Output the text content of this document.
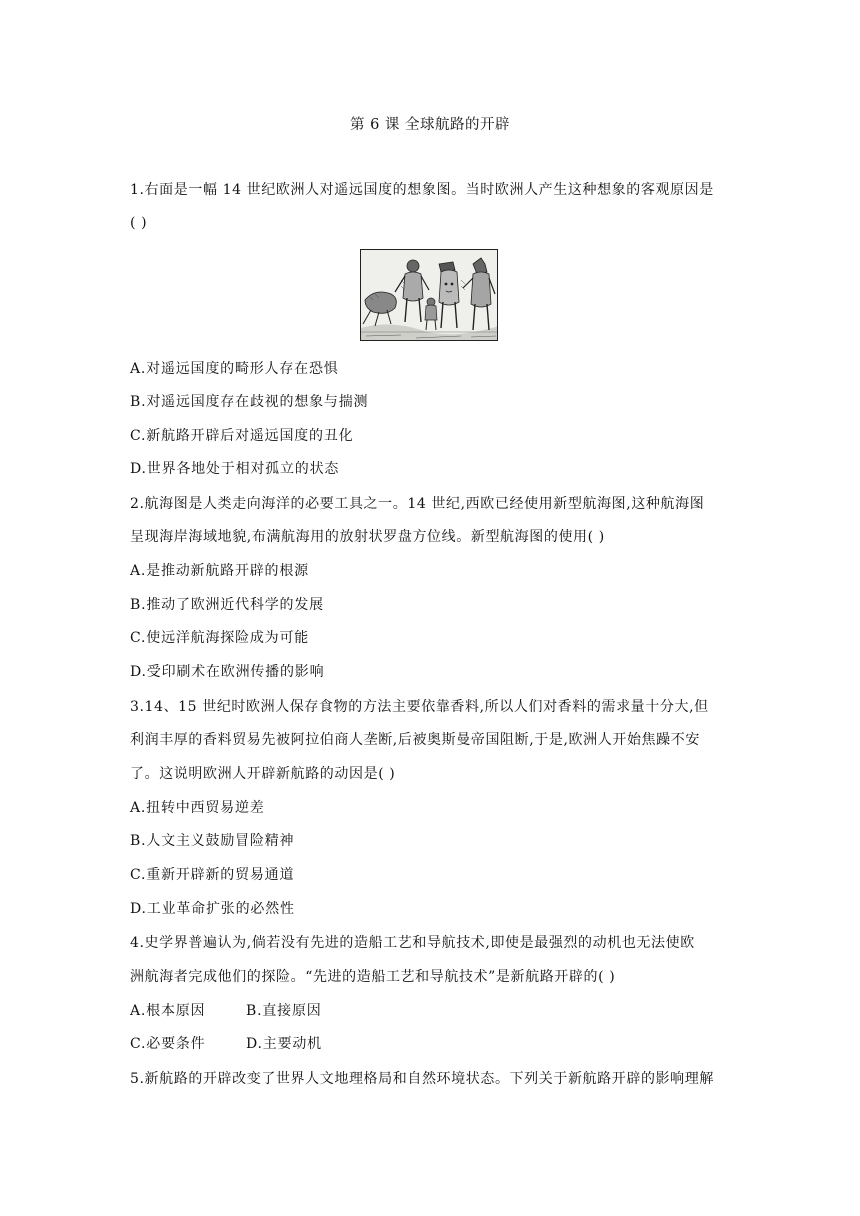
第 6 课 全球航路的开辟
1.右面是一幅 14 世纪欧洲人对遥远国度的想象图。当时欧洲人产生这种想象的客观原因是
( )
A.对遥远国度的畸形人存在恐惧
B.对遥远国度存在歧视的想象与揣测
C.新航路开辟后对遥远国度的丑化
D.世界各地处于相对孤立的状态
2.航海图是人类走向海洋的必要工具之一。14 世纪,西欧已经使用新型航海图,这种航海图
呈现海岸海域地貌,布满航海用的放射状罗盘方位线。新型航海图的使用( )
A.是推动新航路开辟的根源
B.推动了欧洲近代科学的发展
C.使远洋航海探险成为可能
D.受印刷术在欧洲传播的影响
3.14、15 世纪时欧洲人保存食物的方法主要依靠香料,所以人们对香料的需求量十分大,但
利润丰厚的香料贸易先被阿拉伯商人垄断,后被奥斯曼帝国阻断,于是,欧洲人开始焦躁不安
了。这说明欧洲人开辟新航路的动因是( )
A.扭转中西贸易逆差
B.人文主义鼓励冒险精神
C.重新开辟新的贸易通道
D.工业革命扩张的必然性
4.史学界普遍认为,倘若没有先进的造船工艺和导航技术,即使是最强烈的动机也无法使欧
洲航海者完成他们的探险。“先进的造船工艺和导航技术”是新航路开辟的( )
A.根本原因	B.直接原因
C.必要条件	D.主要动机
5.新航路的开辟改变了世界人文地理格局和自然环境状态。下列关于新航路开辟的影响理解
